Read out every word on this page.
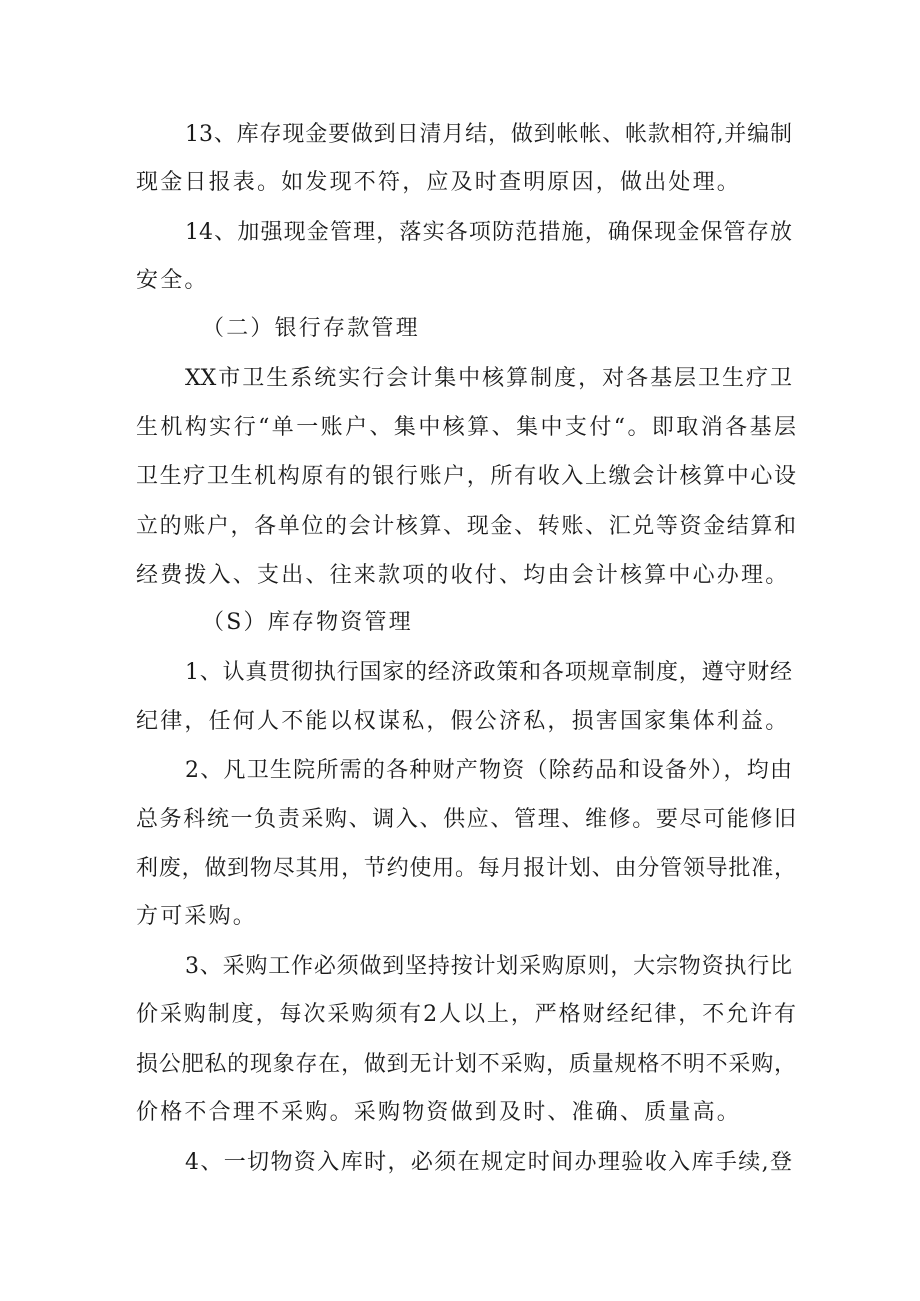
13、库存现金要做到日清月结，做到帐帐、帐款相符,并编制
现金日报表。如发现不符，应及时查明原因，做出处理。
14、加强现金管理，落实各项防范措施，确保现金保管存放
安全。
（二）银行存款管理
XX市卫生系统实行会计集中核算制度，对各基层卫生疗卫
生机构实行“单一账户、集中核算、集中支付“。即取消各基层
卫生疗卫生机构原有的银行账户，所有收入上缴会计核算中心设
立的账户，各单位的会计核算、现金、转账、汇兑等资金结算和
经费拨入、支出、往来款项的收付、均由会计核算中心办理。
（S）库存物资管理
1、认真贯彻执行国家的经济政策和各项规章制度，遵守财经
纪律，任何人不能以权谋私，假公济私，损害国家集体利益。
2、凡卫生院所需的各种财产物资（除药品和设备外），均由
总务科统一负责采购、调入、供应、管理、维修。要尽可能修旧
利废，做到物尽其用，节约使用。每月报计划、由分管领导批准，
方可采购。
3、采购工作必须做到坚持按计划采购原则，大宗物资执行比
价采购制度，每次采购须有2人以上，严格财经纪律，不允许有
损公肥私的现象存在，做到无计划不采购，质量规格不明不采购，
价格不合理不采购。采购物资做到及时、准确、质量高。
4、一切物资入库时，必须在规定时间办理验收入库手续,登
